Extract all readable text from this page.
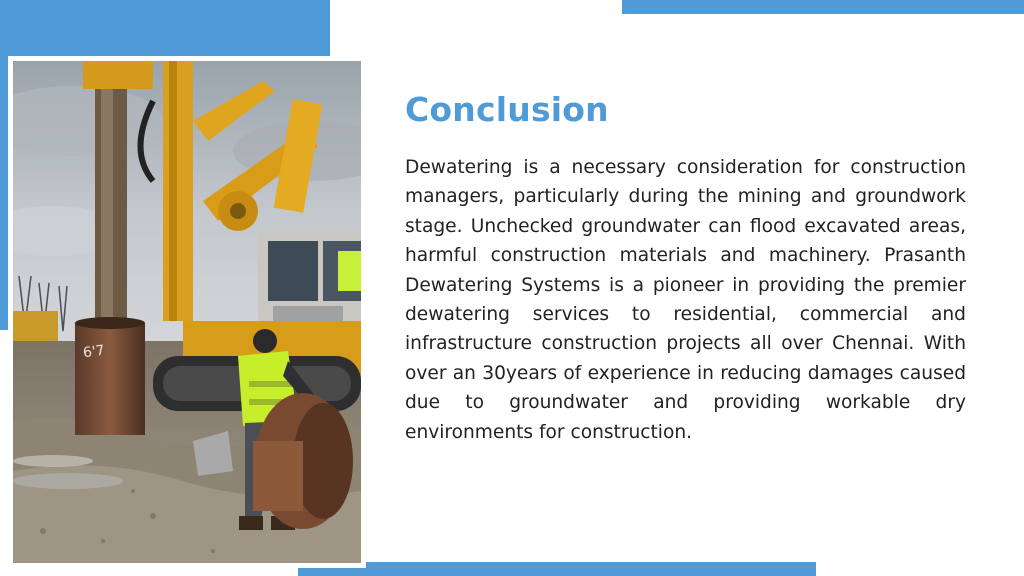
6'7
Conclusion

Dewatering is a necessary consideration for construction managers, particularly during the mining and groundwork stage. Unchecked groundwater can flood excavated areas, harmful construction materials and machinery. Prasanth Dewatering Systems is a pioneer in providing the premier dewatering services to residential, commercial and infrastructure construction projects all over Chennai. With over an 30years of experience in reducing damages caused due to groundwater and providing workable dry environments for construction.
